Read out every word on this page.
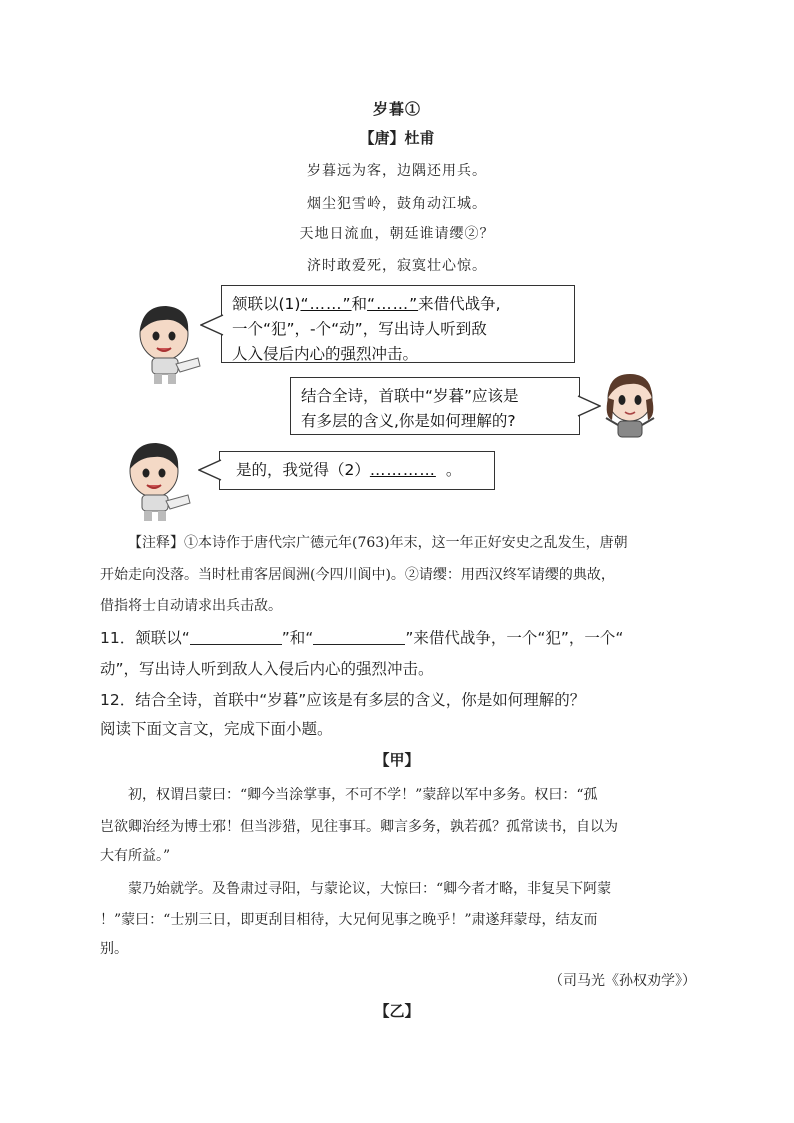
岁暮①
【唐】杜甫
岁暮远为客，边隅还用兵。
烟尘犯雪岭，鼓角动江城。
天地日流血，朝廷谁请缨②？
济时敢爱死，寂寞壮心惊。
颔联以(1)“……”和“……”来借代战争,
一个“犯”，-个“动”，写出诗人听到敌
人入侵后内心的强烈冲击。
结合全诗，首联中“岁暮”应该是
有多层的含义,你是如何理解的?
是的，我觉得（2）………… 。
【注释】①本诗作于唐代宗广德元年(763)年末，这一年正好安史之乱发生，唐朝
开始走向没落。当时杜甫客居阆洲(今四川阆中)。②请缨：用西汉终军请缨的典故，
借指将士自动请求出兵击敌。
11．颔联以“	”和“	”来借代战争，一个“犯”，一个“
动”，写出诗人听到敌人入侵后内心的强烈冲击。
12．结合全诗，首联中“岁暮”应该是有多层的含义，你是如何理解的？
阅读下面文言文，完成下面小题。
【甲】
初，权谓吕蒙曰：“卿今当涂掌事，不可不学！”蒙辞以军中多务。权曰：“孤
岂欲卿治经为博士邪！但当涉猎，见往事耳。卿言多务，孰若孤？孤常读书，自以为
大有所益。”
蒙乃始就学。及鲁肃过寻阳，与蒙论议，大惊曰：“卿今者才略，非复吴下阿蒙
！”蒙曰：“士别三日，即更刮目相待，大兄何见事之晚乎！”肃遂拜蒙母，结友而
别。
（司马光《孙权劝学》）
【乙】
